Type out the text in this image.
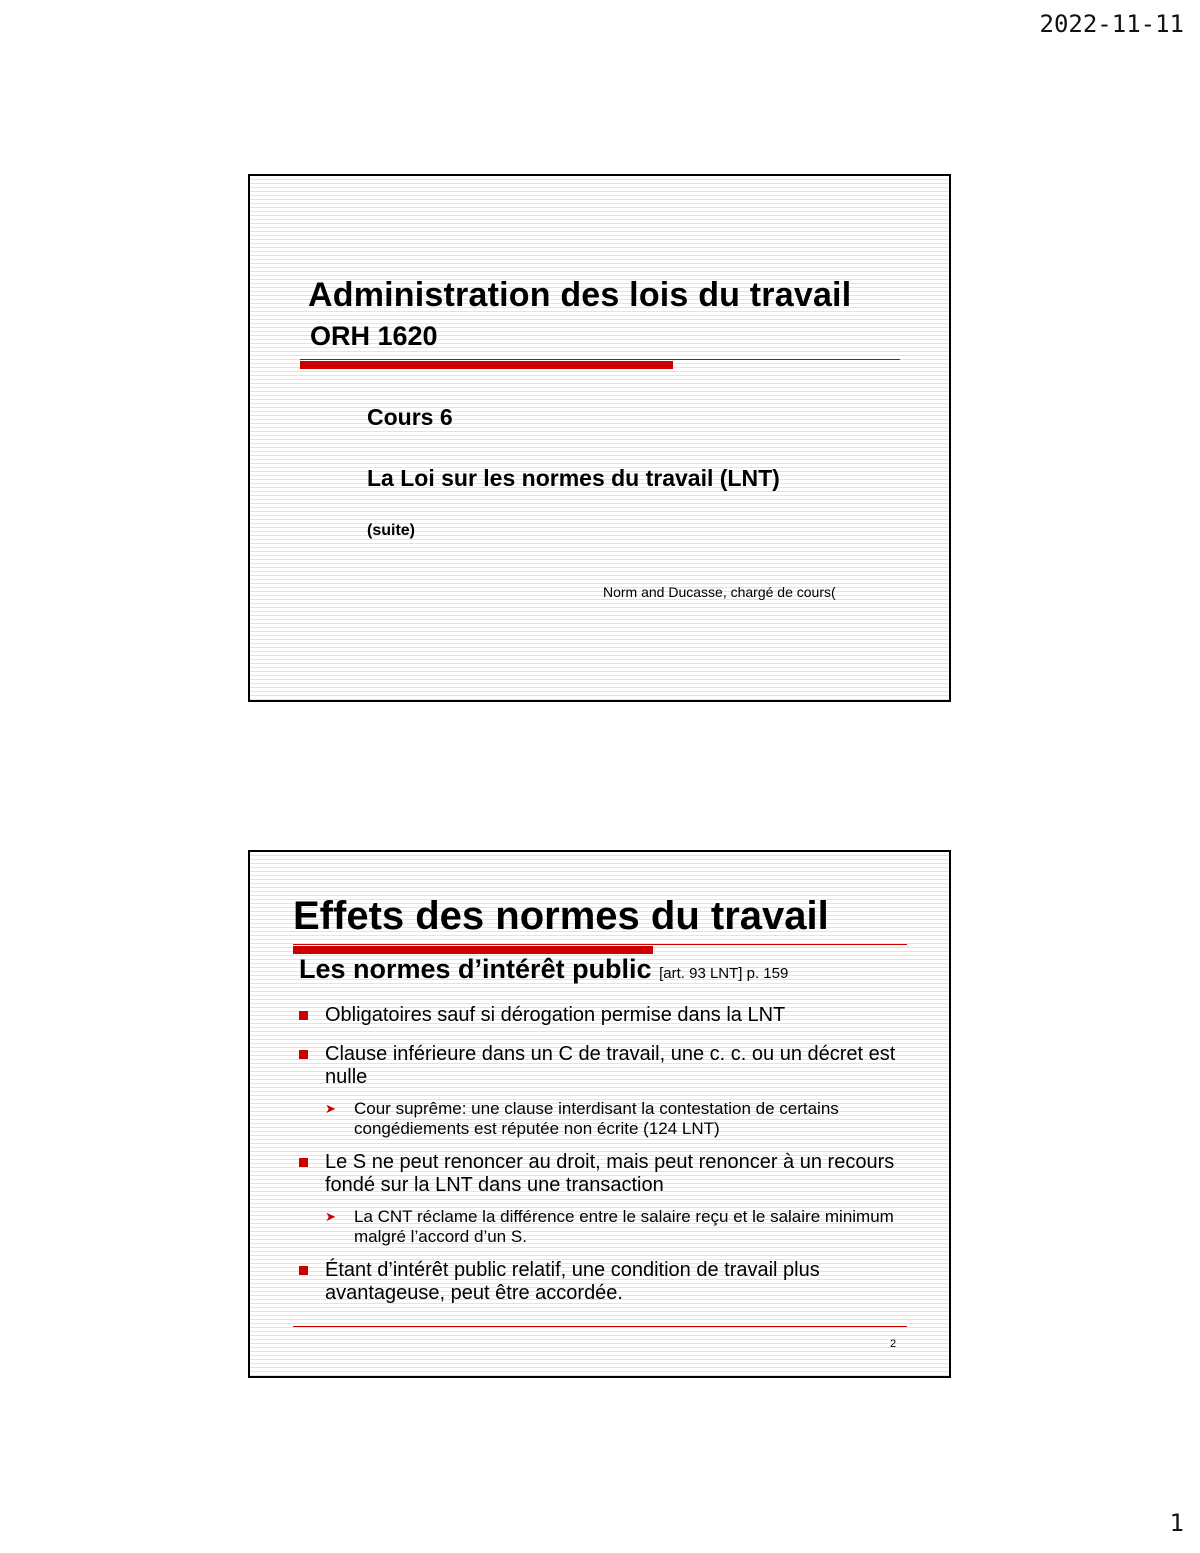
2022-11-11
Administration des lois du travail
ORH 1620
Cours 6
La Loi sur les normes du travail (LNT)
(suite)
Norm and Ducasse, chargé de cours(
Effets des normes du travail
Les normes d’intérêt public [art. 93 LNT] p. 159
Obligatoires sauf si dérogation permise dans la LNT
Clause inférieure dans un C de travail, une c. c. ou un décret est nulle
➤ Cour suprême: une clause interdisant la contestation de certains congédiements est réputée non écrite (124 LNT)
Le S ne peut renoncer au droit, mais peut renoncer à un recours fondé sur la LNT dans une transaction
➤ La CNT réclame la différence entre le salaire reçu et le salaire minimum malgré l’accord d’un S.
Étant d’intérêt public relatif, une condition de travail plus avantageuse, peut être accordée.
2
1
